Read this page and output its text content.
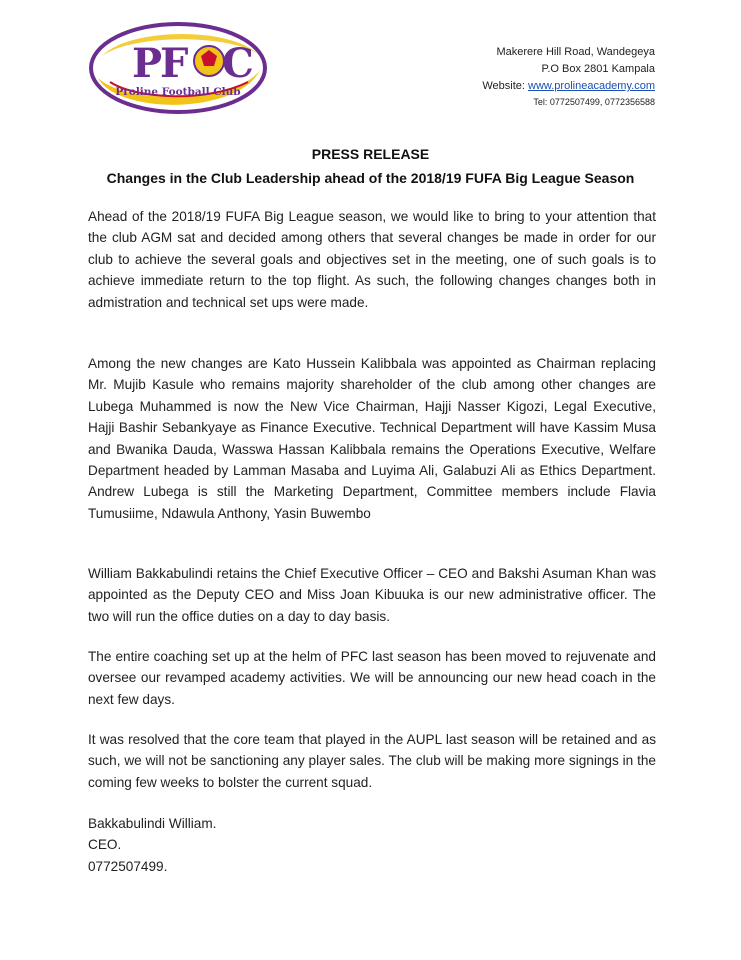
P
F C
Proline Football Club
Makerere Hill Road, Wandegeya
P.O Box 2801 Kampala
Website: www.prolineacademy.com
Tel: 0772507499, 0772356588
PRESS RELEASE
Changes in the Club Leadership ahead of the 2018/19 FUFA Big League Season

Ahead of the 2018/19 FUFA Big League season, we would like to bring to your attention that the club AGM sat and decided among others that several changes be made in order for our club to achieve the several goals and objectives set in the meeting, one of such goals is to achieve immediate return to the top flight. As such, the following changes changes both in admistration and technical set ups were made.

Among the new changes are Kato Hussein Kalibbala was appointed as Chairman replacing Mr. Mujib Kasule who remains majority shareholder of the club among other changes are Lubega Muhammed is now the New Vice Chairman, Hajji Nasser Kigozi, Legal Executive, Hajji Bashir Sebankyaye as Finance Executive. Technical Department will have Kassim Musa and Bwanika Dauda, Wasswa Hassan Kalibbala remains the Operations Executive, Welfare Department headed by Lamman Masaba and Luyima Ali, Galabuzi Ali as Ethics Department. Andrew Lubega is still the Marketing Department, Committee members include Flavia Tumusiime, Ndawula Anthony, Yasin Buwembo

William Bakkabulindi retains the Chief Executive Officer – CEO and Bakshi Asuman Khan was appointed as the Deputy CEO and Miss Joan Kibuuka is our new administrative officer. The two will run the office duties on a day to day basis.

The entire coaching set up at the helm of PFC last season has been moved to rejuvenate and oversee our revamped academy activities. We will be announcing our new head coach in the next few days.

It was resolved that the core team that played in the AUPL last season will be retained and as such, we will not be sanctioning any player sales. The club will be making more signings in the coming few weeks to bolster the current squad.

Bakkabulindi William.
CEO.
0772507499.
